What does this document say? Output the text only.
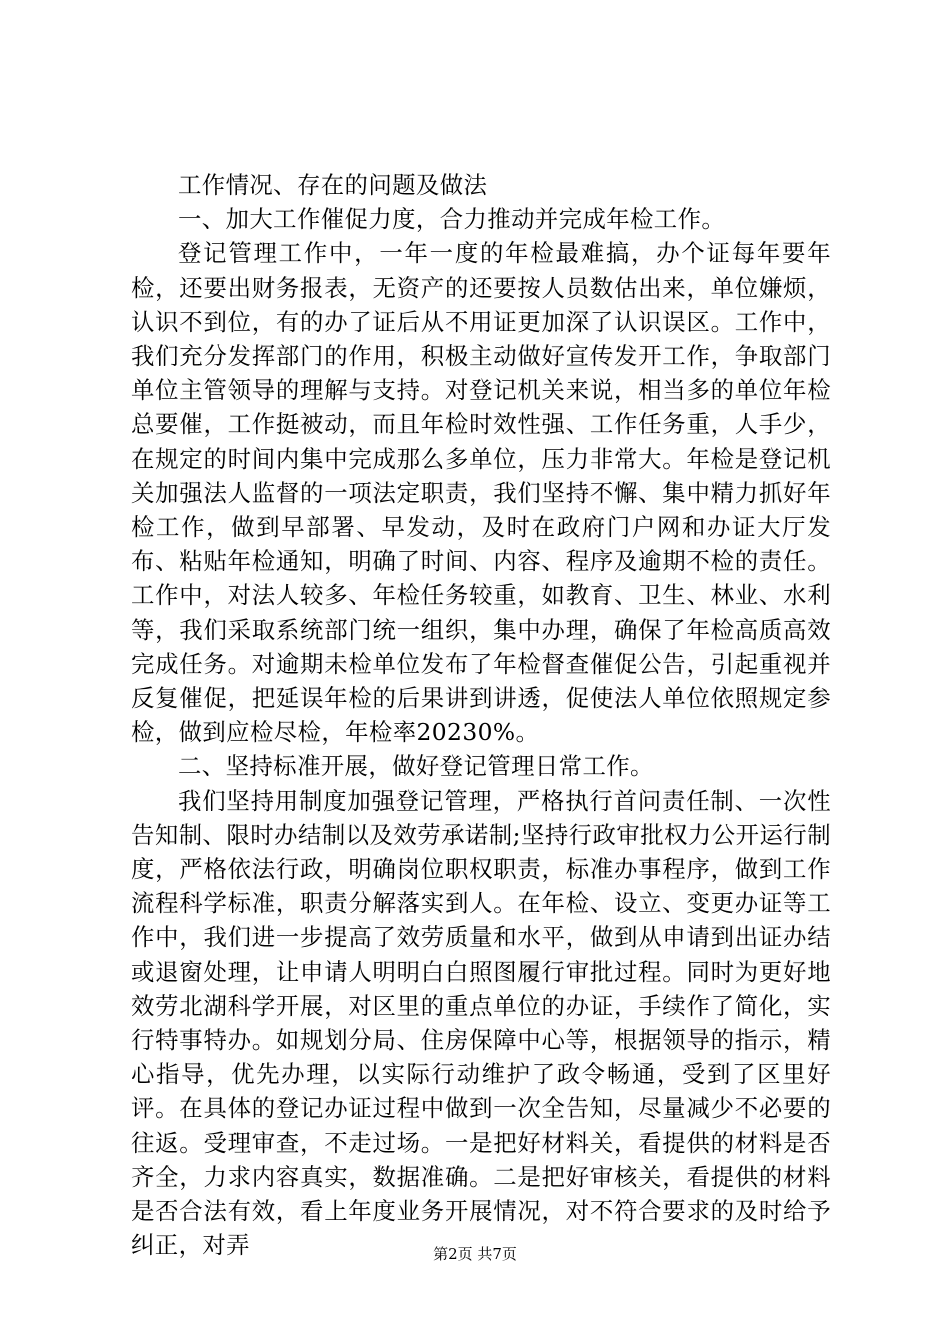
工作情况、存在的问题及做法

一、加大工作催促力度，合力推动并完成年检工作。

登记管理工作中，一年一度的年检最难搞，办个证每年要年检，还要出财务报表，无资产的还要按人员数估出来，单位嫌烦，认识不到位，有的办了证后从不用证更加深了认识误区。工作中，我们充分发挥部门的作用，积极主动做好宣传发开工作，争取部门单位主管领导的理解与支持。对登记机关来说，相当多的单位年检总要催，工作挺被动，而且年检时效性强、工作任务重，人手少，在规定的时间内集中完成那么多单位，压力非常大。年检是登记机关加强法人监督的一项法定职责，我们坚持不懈、集中精力抓好年检工作，做到早部署、早发动，及时在政府门户网和办证大厅发布、粘贴年检通知，明确了时间、内容、程序及逾期不检的责任。工作中，对法人较多、年检任务较重，如教育、卫生、林业、水利等，我们采取系统部门统一组织，集中办理，确保了年检高质高效完成任务。对逾期未检单位发布了年检督查催促公告，引起重视并反复催促，把延误年检的后果讲到讲透，促使法人单位依照规定参检，做到应检尽检，年检率20230%。

二、坚持标准开展，做好登记管理日常工作。

我们坚持用制度加强登记管理，严格执行首问责任制、一次性告知制、限时办结制以及效劳承诺制;坚持行政审批权力公开运行制度，严格依法行政，明确岗位职权职责，标准办事程序，做到工作流程科学标准，职责分解落实到人。在年检、设立、变更办证等工作中，我们进一步提高了效劳质量和水平，做到从申请到出证办结或退窗处理，让申请人明明白白照图履行审批过程。同时为更好地效劳北湖科学开展，对区里的重点单位的办证，手续作了简化，实行特事特办。如规划分局、住房保障中心等，根据领导的指示，精心指导，优先办理，以实际行动维护了政令畅通，受到了区里好评。在具体的登记办证过程中做到一次全告知，尽量减少不必要的往返。受理审查，不走过场。一是把好材料关，看提供的材料是否齐全，力求内容真实，数据准确。二是把好审核关，看提供的材料是否合法有效，看上年度业务开展情况，对不符合要求的及时给予纠正，对弄	第2页 共7页
